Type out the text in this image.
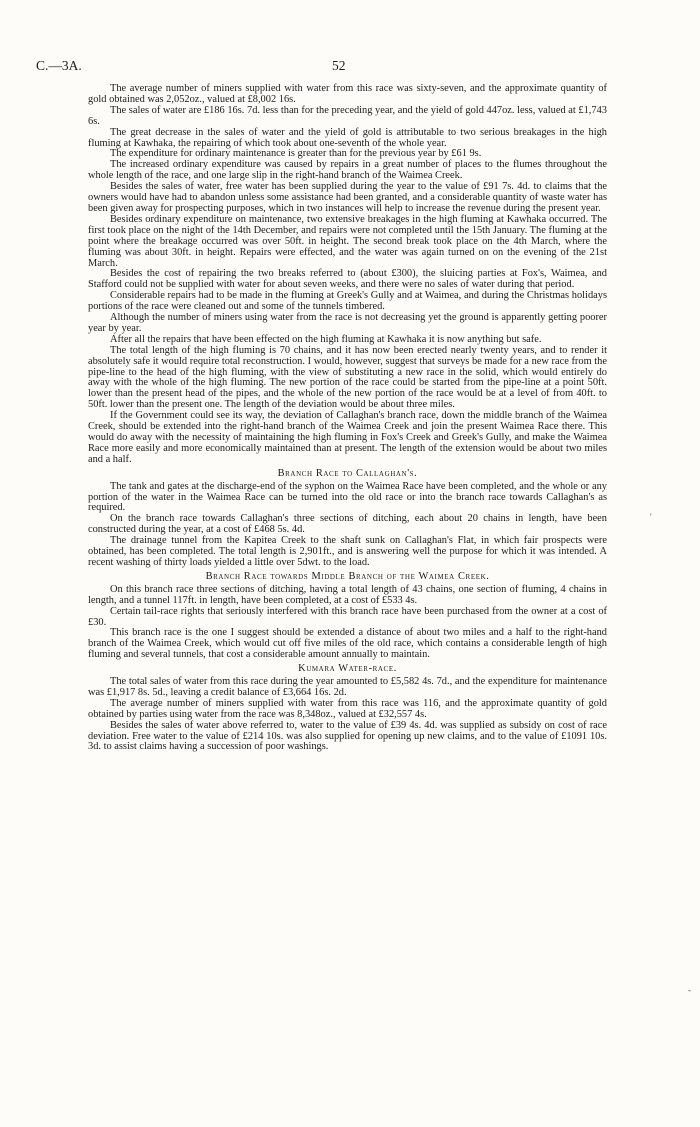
C.—3A.	52

The average number of miners supplied with water from this race was sixty-seven, and the approximate quantity of gold obtained was 2,052oz., valued at £8,002 16s.

The sales of water are £186 16s. 7d. less than for the preceding year, and the yield of gold 447oz. less, valued at £1,743 6s.

The great decrease in the sales of water and the yield of gold is attributable to two serious breakages in the high fluming at Kawhaka, the repairing of which took about one-seventh of the whole year.

The expenditure for ordinary maintenance is greater than for the previous year by £61 9s.

The increased ordinary expenditure was caused by repairs in a great number of places to the flumes throughout the whole length of the race, and one large slip in the right-hand branch of the Waimea Creek.

Besides the sales of water, free water has been supplied during the year to the value of £91 7s. 4d. to claims that the owners would have had to abandon unless some assistance had been granted, and a considerable quantity of waste water has been given away for prospecting purposes, which in two instances will help to increase the revenue during the present year.

Besides ordinary expenditure on maintenance, two extensive breakages in the high fluming at Kawhaka occurred. The first took place on the night of the 14th December, and repairs were not completed until the 15th January. The fluming at the point where the breakage occurred was over 50ft. in height. The second break took place on the 4th March, where the fluming was about 30ft. in height. Repairs were effected, and the water was again turned on on the evening of the 21st March.

Besides the cost of repairing the two breaks referred to (about £300), the sluicing parties at Fox's, Waimea, and Stafford could not be supplied with water for about seven weeks, and there were no sales of water during that period.

Considerable repairs had to be made in the fluming at Greek's Gully and at Waimea, and during the Christmas holidays portions of the race were cleaned out and some of the tunnels timbered.

Although the number of miners using water from the race is not decreasing yet the ground is apparently getting poorer year by year.

After all the repairs that have been effected on the high fluming at Kawhaka it is now anything but safe.

The total length of the high fluming is 70 chains, and it has now been erected nearly twenty years, and to render it absolutely safe it would require total reconstruction. I would, however, suggest that surveys be made for a new race from the pipe-line to the head of the high fluming, with the view of substituting a new race in the solid, which would entirely do away with the whole of the high fluming. The new portion of the race could be started from the pipe-line at a point 50ft. lower than the present head of the pipes, and the whole of the new portion of the race would be at a level of from 40ft. to 50ft. lower than the present one. The length of the deviation would be about three miles.

If the Government could see its way, the deviation of Callaghan's branch race, down the middle branch of the Waimea Creek, should be extended into the right-hand branch of the Waimea Creek and join the present Waimea Race there. This would do away with the necessity of maintaining the high fluming in Fox's Creek and Greek's Gully, and make the Waimea Race more easily and more economically maintained than at present. The length of the extension would be about two miles and a half.

Branch Race to Callaghan's.

The tank and gates at the discharge-end of the syphon on the Waimea Race have been completed, and the whole or any portion of the water in the Waimea Race can be turned into the old race or into the branch race towards Callaghan's as required.

On the branch race towards Callaghan's three sections of ditching, each about 20 chains in length, have been constructed during the year, at a cost of £468 5s. 4d.

The drainage tunnel from the Kapitea Creek to the shaft sunk on Callaghan's Flat, in which fair prospects were obtained, has been completed. The total length is 2,901ft., and is answering well the purpose for which it was intended. A recent washing of thirty loads yielded a little over 5dwt. to the load.

Branch Race towards Middle Branch of the Waimea Creek.

On this branch race three sections of ditching, having a total length of 43 chains, one section of fluming, 4 chains in length, and a tunnel 117ft. in length, have been completed, at a cost of £533 4s.

Certain tail-race rights that seriously interfered with this branch race have been purchased from the owner at a cost of £30.

This branch race is the one I suggest should be extended a distance of about two miles and a half to the right-hand branch of the Waimea Creek, which would cut off five miles of the old race, which contains a considerable length of high fluming and several tunnels, that cost a considerable amount annually to maintain.

Kumara Water-race.

The total sales of water from this race during the year amounted to £5,582 4s. 7d., and the expenditure for maintenance was £1,917 8s. 5d., leaving a credit balance of £3,664 16s. 2d.

The average number of miners supplied with water from this race was 116, and the approximate quantity of gold obtained by parties using water from the race was 8,348oz., valued at £32,557 4s.

Besides the sales of water above referred to, water to the value of £39 4s. 4d. was supplied as subsidy on cost of race deviation. Free water to the value of £214 10s. was also supplied for opening up new claims, and to the value of £1091 10s. 3d. to assist claims having a succession of poor washings.

'
-
